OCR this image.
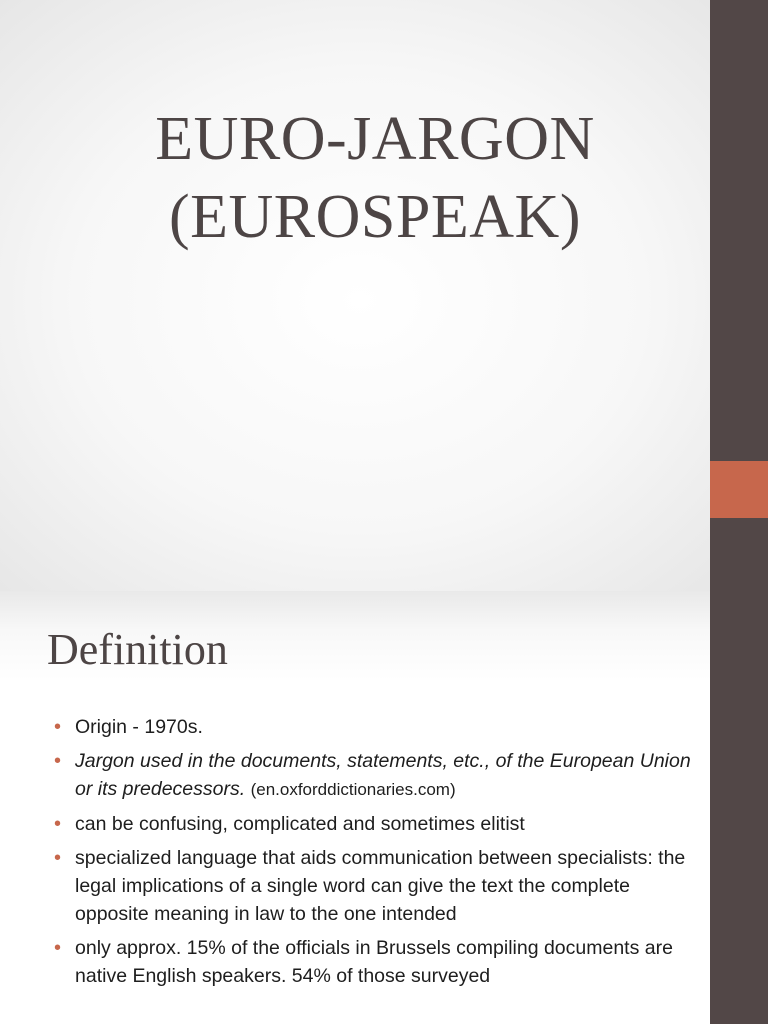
EURO-JARGON
(EUROSPEAK)
Definition
• Origin - 1970s.
• Jargon used in the documents, statements, etc., of the European Union or its predecessors. (en.oxforddictionaries.com)
• can be confusing, complicated and sometimes elitist
• specialized language that aids communication between specialists: the legal implications of a single word can give the text the complete opposite meaning in law to the one intended
• only approx. 15% of the officials in Brussels compiling documents are native English speakers. 54% of those surveyed
